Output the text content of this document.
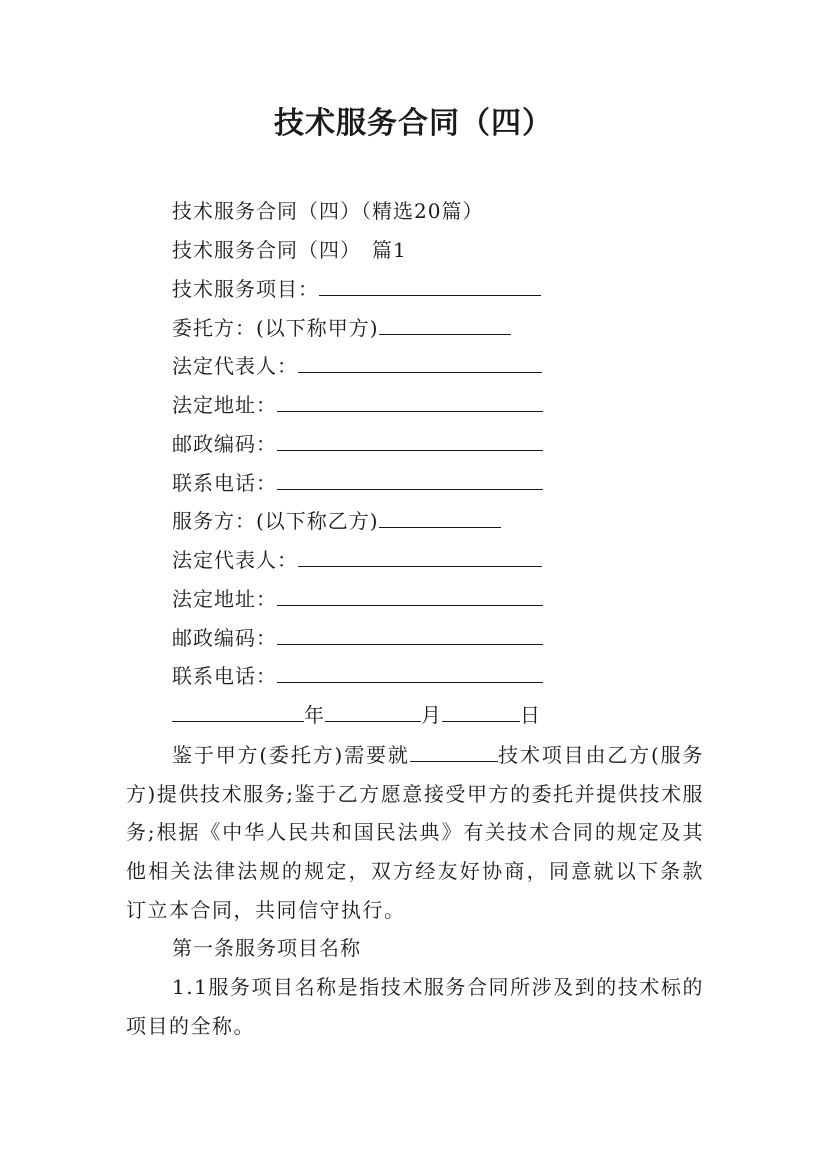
技术服务合同（四）
技术服务合同（四）（精选20篇）
技术服务合同（四）　篇1
技术服务项目：
委托方：(以下称甲方)
法定代表人：
法定地址：
邮政编码：
联系电话：
服务方：(以下称乙方)
法定代表人：
法定地址：
邮政编码：
联系电话：
年	月	日
鉴于甲方(委托方)需要就	技术项目由乙方(服务方)提供技术服务;鉴于乙方愿意接受甲方的委托并提供技术服务;根据《中华人民共和国民法典》有关技术合同的规定及其他相关法律法规的规定，双方经友好协商，同意就以下条款订立本合同，共同信守执行。
第一条服务项目名称
1.1服务项目名称是指技术服务合同所涉及到的技术标的项目的全称。
